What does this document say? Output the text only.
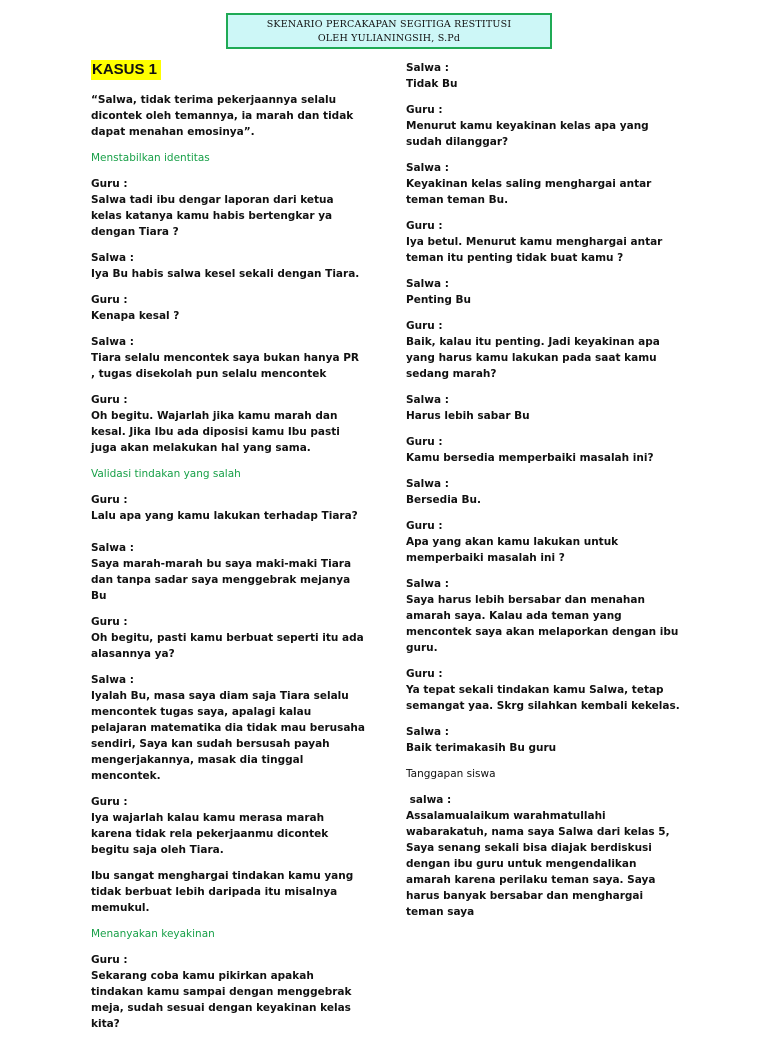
SKENARIO PERCAKAPAN SEGITIGA RESTITUSI
OLEH YULIANINGSIH, S.Pd
KASUS 1
“Salwa, tidak terima pekerjaannya selalu dicontek oleh temannya, ia marah dan tidak dapat menahan emosinya”.
Menstabilkan identitas
Guru :
Salwa tadi ibu dengar laporan dari ketua kelas katanya kamu habis bertengkar ya dengan Tiara ?
Salwa :
Iya Bu habis salwa kesel sekali dengan Tiara.
Guru :
Kenapa kesal ?
Salwa :
Tiara selalu mencontek saya bukan hanya PR , tugas disekolah pun selalu mencontek
Guru :
Oh begitu. Wajarlah jika kamu marah dan kesal. Jika Ibu ada diposisi kamu Ibu pasti juga akan melakukan hal yang sama.
Validasi tindakan yang salah
Guru :
Lalu apa yang kamu lakukan terhadap Tiara?
Salwa :
Saya marah-marah bu saya maki-maki Tiara dan tanpa sadar saya menggebrak mejanya Bu
Guru :
Oh begitu, pasti kamu berbuat seperti itu ada alasannya ya?
Salwa :
Iyalah Bu, masa saya diam saja Tiara selalu mencontek tugas saya, apalagi kalau pelajaran matematika dia tidak mau berusaha sendiri, Saya kan sudah bersusah payah mengerjakannya, masak dia tinggal mencontek.
Guru :
Iya wajarlah kalau kamu merasa marah karena tidak rela pekerjaanmu dicontek begitu saja oleh Tiara.
Ibu sangat menghargai tindakan kamu yang tidak berbuat lebih daripada itu misalnya memukul.
Menanyakan keyakinan
Guru :
Sekarang coba kamu pikirkan apakah tindakan kamu sampai dengan menggebrak meja, sudah sesuai dengan keyakinan kelas kita?
Salwa :
Tidak Bu
Guru :
Menurut kamu keyakinan kelas apa yang sudah dilanggar?
Salwa :
Keyakinan kelas saling menghargai antar teman teman Bu.
Guru :
Iya betul. Menurut kamu menghargai antar teman itu penting tidak buat kamu ?
Salwa :
Penting Bu
Guru :
Baik, kalau itu penting. Jadi keyakinan apa yang harus kamu lakukan pada saat kamu sedang marah?
Salwa :
Harus lebih sabar Bu
Guru :
Kamu bersedia memperbaiki masalah ini?
Salwa :
Bersedia Bu.
Guru :
Apa yang akan kamu lakukan untuk memperbaiki masalah ini ?
Salwa :
Saya harus lebih bersabar dan menahan amarah saya. Kalau ada teman yang mencontek saya akan melaporkan dengan ibu guru.
Guru :
Ya tepat sekali tindakan kamu Salwa, tetap semangat yaa. Skrg silahkan kembali kekelas.
Salwa :
Baik terimakasih Bu guru
Tanggapan siswa
salwa :
Assalamualaikum warahmatullahi wabarakatuh, nama saya Salwa dari kelas 5, Saya senang sekali bisa diajak berdiskusi dengan ibu guru untuk mengendalikan amarah karena perilaku teman saya. Saya harus banyak bersabar dan menghargai teman saya
